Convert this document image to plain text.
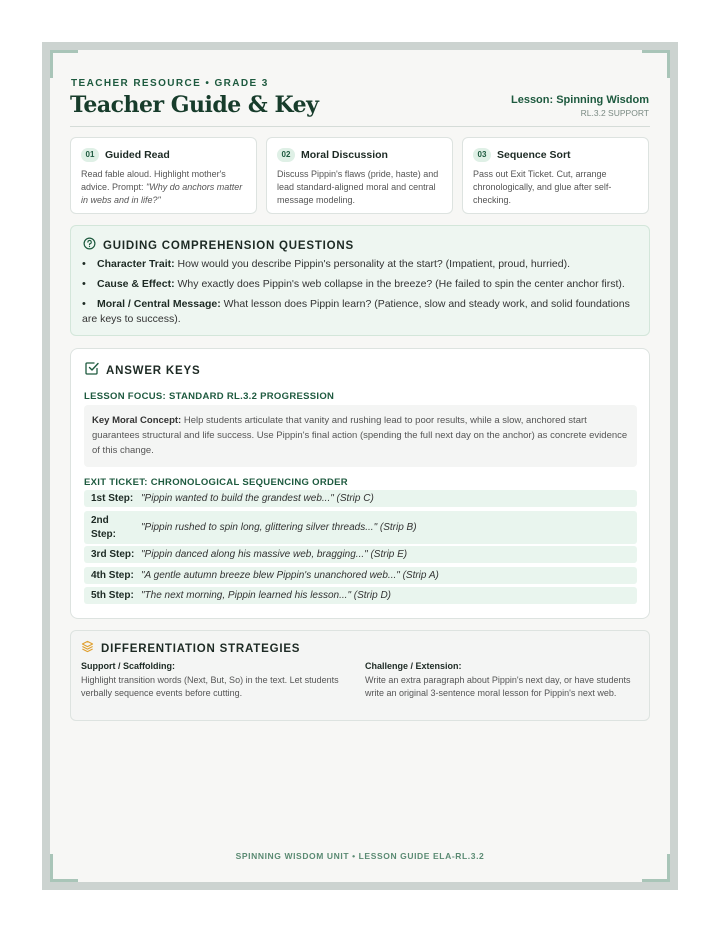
TEACHER RESOURCE • GRADE 3
Teacher Guide & Key	Lesson: Spinning Wisdom
RL.3.2 SUPPORT
01	Guided Read
Read fable aloud. Highlight mother's advice. Prompt: "Why do anchors matter in webs and in life?"
02	Moral Discussion
Discuss Pippin's flaws (pride, haste) and lead standard-aligned moral and central message modeling.
03	Sequence Sort
Pass out Exit Ticket. Cut, arrange chronologically, and glue after self-checking.
GUIDING COMPREHENSION QUESTIONS
• Character Trait: How would you describe Pippin's personality at the start? (Impatient, proud, hurried).
• Cause & Effect: Why exactly does Pippin's web collapse in the breeze? (He failed to spin the center anchor first).
• Moral / Central Message: What lesson does Pippin learn? (Patience, slow and steady work, and solid foundations are keys to success).
ANSWER KEYS
LESSON FOCUS: STANDARD RL.3.2 PROGRESSION
Key Moral Concept: Help students articulate that vanity and rushing lead to poor results, while a slow, anchored start guarantees structural and life success. Use Pippin's final action (spending the full next day on the anchor) as concrete evidence of this change.
EXIT TICKET: CHRONOLOGICAL SEQUENCING ORDER
1st Step: "Pippin wanted to build the grandest web..." (Strip C)
2nd Step:
"Pippin rushed to spin long, glittering silver threads..." (Strip B)
3rd Step: "Pippin danced along his massive web, bragging..." (Strip E)
4th Step: "A gentle autumn breeze blew Pippin's unanchored web..." (Strip A)
5th Step: "The next morning, Pippin learned his lesson..." (Strip D)
DIFFERENTIATION STRATEGIES
Support / Scaffolding:
Highlight transition words (Next, But, So) in the text. Let students verbally sequence events before cutting.
Challenge / Extension:
Write an extra paragraph about Pippin's next day, or have students write an original 3-sentence moral lesson for Pippin's next web.
SPINNING WISDOM UNIT • LESSON GUIDE ELA-RL.3.2
